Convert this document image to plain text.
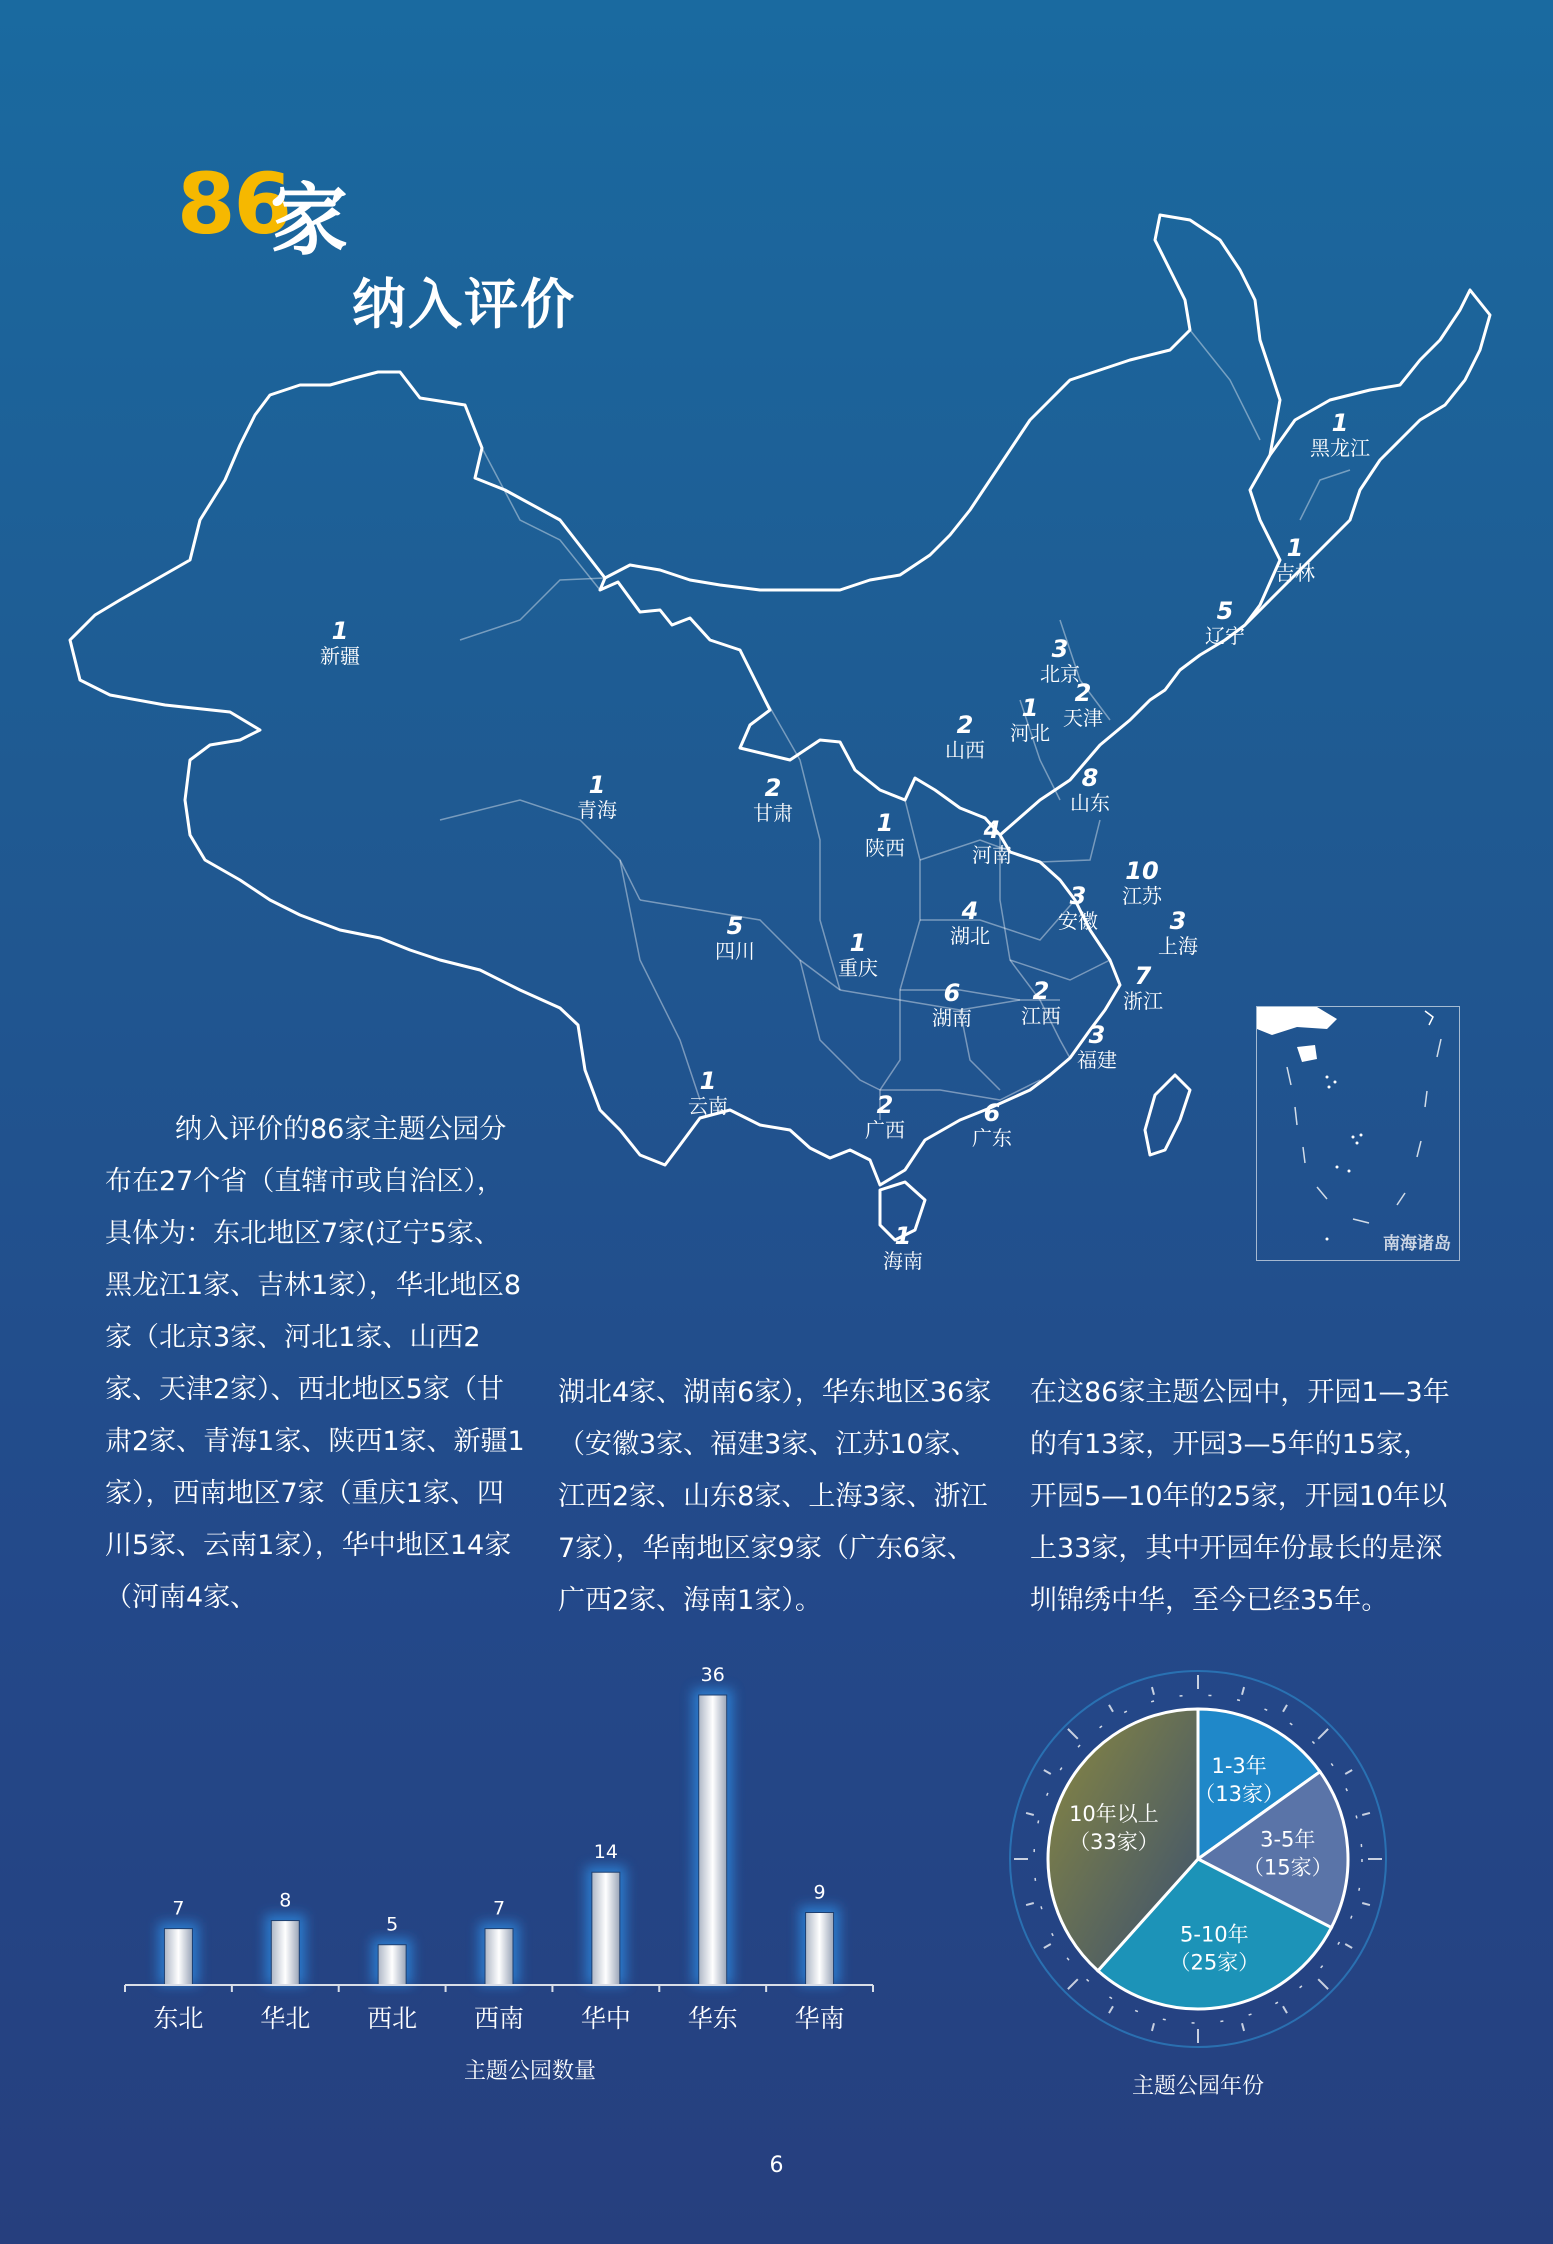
86
家
纳入评价
1
黑龙江
1
吉林
5
辽宁
3
北京
2
天津
1
河北
2
山西
8
山东
1
新疆
1
青海
2
甘肃	1
陕西
4
河南
10
江苏
3
安徽	3
上海
5
四川
4
湖北
1
重庆	7
浙江
6
湖南
2
江西
3
福建
1
云南	2
广西
6
广东
1
海南
南海诸岛
纳入评价的86家主题公园分布在27个省（直辖市或自治区），具体为：东北地区7家(辽宁5家、黑龙江1家、吉林1家），华北地区8家（北京3家、河北1家、山西2家、天津2家）、西北地区5家（甘肃2家、青海1家、陕西1家、新疆1家），西南地区7家（重庆1家、四川5家、云南1家），华中地区14家（河南4家、
湖北4家、湖南6家），华东地区36家（安徽3家、福建3家、江苏10家、江西2家、山东8家、上海3家、浙江7家），华南地区家9家（广东6家、广西2家、海南1家）。
在这86家主题公园中，开园1—3年的有13家，开园3—5年的15家，开园5—10年的25家，开园10年以上33家，其中开园年份最长的是深圳锦绣中华，至今已经35年。
7	8
5
7
14
36
9
东北 华北 西北 西南 华中 华东 华南
主题公园数量
1-3年
（13家）
3-5年
（15家）
5-10年
（25家）
10年以上
（33家）
主题公园年份
6
